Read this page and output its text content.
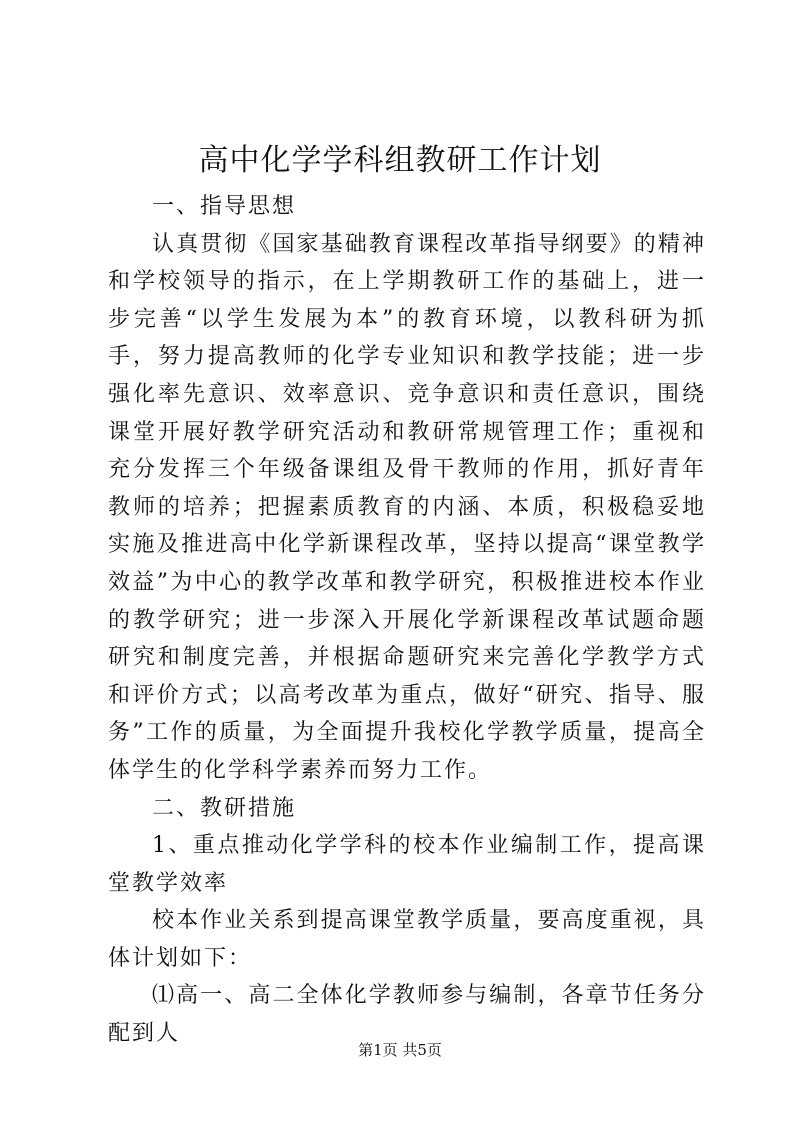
高中化学学科组教研工作计划

一、指导思想

认真贯彻《国家基础教育课程改革指导纲要》的精神和学校领导的指示，在上学期教研工作的基础上，进一步完善“以学生发展为本”的教育环境，以教科研为抓手，努力提高教师的化学专业知识和教学技能；进一步强化率先意识、效率意识、竞争意识和责任意识，围绕课堂开展好教学研究活动和教研常规管理工作；重视和充分发挥三个年级备课组及骨干教师的作用，抓好青年教师的培养；把握素质教育的内涵、本质，积极稳妥地实施及推进高中化学新课程改革，坚持以提高“课堂教学效益”为中心的教学改革和教学研究，积极推进校本作业的教学研究；进一步深入开展化学新课程改革试题命题研究和制度完善，并根据命题研究来完善化学教学方式和评价方式；以高考改革为重点，做好“研究、指导、服务”工作的质量，为全面提升我校化学教学质量，提高全体学生的化学科学素养而努力工作。

二、教研措施

1、重点推动化学学科的校本作业编制工作，提高课堂教学效率

校本作业关系到提高课堂教学质量，要高度重视，具体计划如下：

⑴高一、高二全体化学教师参与编制，各章节任务分配到人

第1页 共5页
